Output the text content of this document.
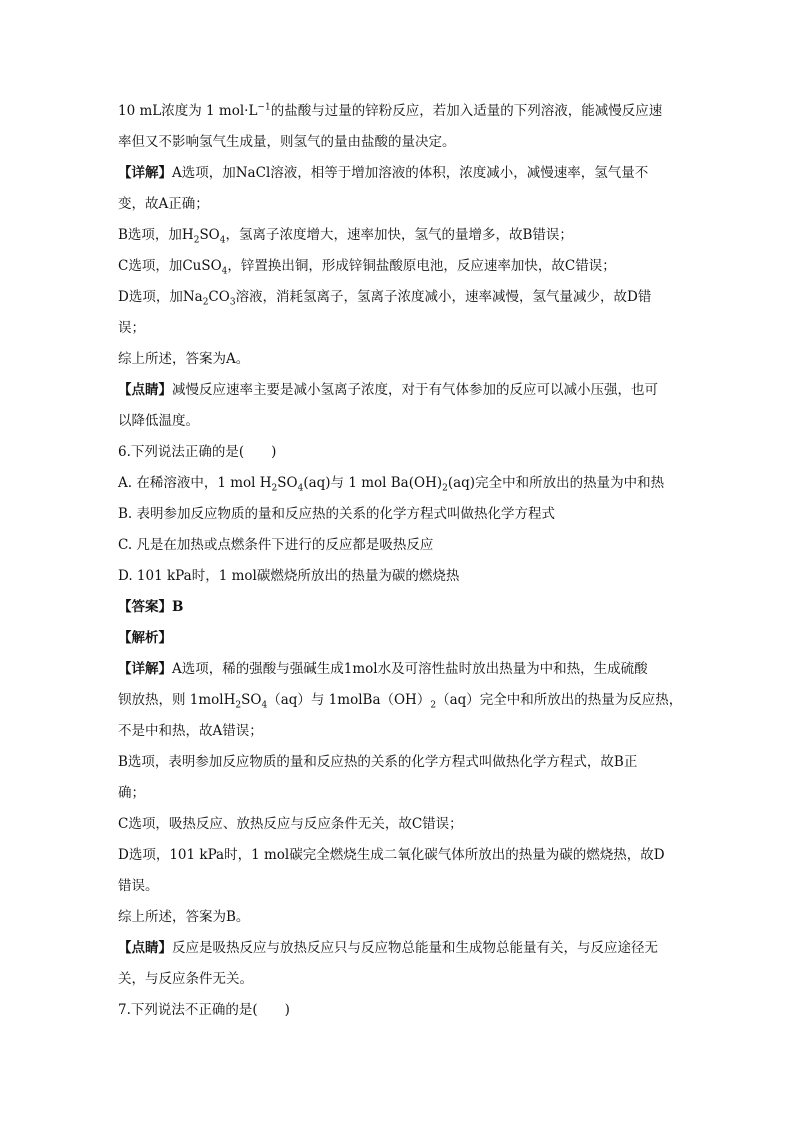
10 mL浓度为 1 $mol\cdot L^{-1}$的盐酸与过量的锌粉反应，若加入适量的下列溶液，能减慢反应速
率但又不影响氢气生成量，则氢气的量由盐酸的量决定。
【详解】A选项，加NaCl溶液，相等于增加溶液的体积，浓度减小，减慢速率，氢气量不
变，故A正确；
B选项，加$H_2SO_4$，氢离子浓度增大，速率加快，氢气的量增多，故B错误；
C选项，加CuSO$_4$，锌置换出铜，形成锌铜盐酸原电池，反应速率加快，故C错误；
D选项，加$Na_2CO_3$溶液，消耗氢离子，氢离子浓度减小，速率减慢，氢气量减少，故D错
误；
综上所述，答案为A。
【点睛】减慢反应速率主要是减小氢离子浓度，对于有气体参加的反应可以减小压强，也可
以降低温度。
6.下列说法正确的是(　　)
A. 在稀溶液中，1 mol $H_2SO_4(aq)$与 1 mol $Ba(OH)_2(aq)$完全中和所放出的热量为中和热
B. 表明参加反应物质的量和反应热的关系的化学方程式叫做热化学方程式
C. 凡是在加热或点燃条件下进行的反应都是吸热反应
D. 101 kPa时，1 mol碳燃烧所放出的热量为碳的燃烧热
【答案】B
【解析】
【详解】A选项，稀的强酸与强碱生成1mol水及可溶性盐时放出热量为中和热，生成硫酸
钡放热，则 $1molH_2SO_4(aq)$与 $1molBa(OH)_2(aq)$完全中和所放出的热量为反应热，
不是中和热，故A错误；
B选项，表明参加反应物质的量和反应热的关系的化学方程式叫做热化学方程式，故B正
确；
C选项，吸热反应、放热反应与反应条件无关，故C错误；
D选项，101 kPa时，1 mol碳完全燃烧生成二氧化碳气体所放出的热量为碳的燃烧热，故D
错误。
综上所述，答案为B。
【点睛】反应是吸热反应与放热反应只与反应物总能量和生成物总能量有关，与反应途径无
关，与反应条件无关。
7.下列说法不正确的是(　　)
